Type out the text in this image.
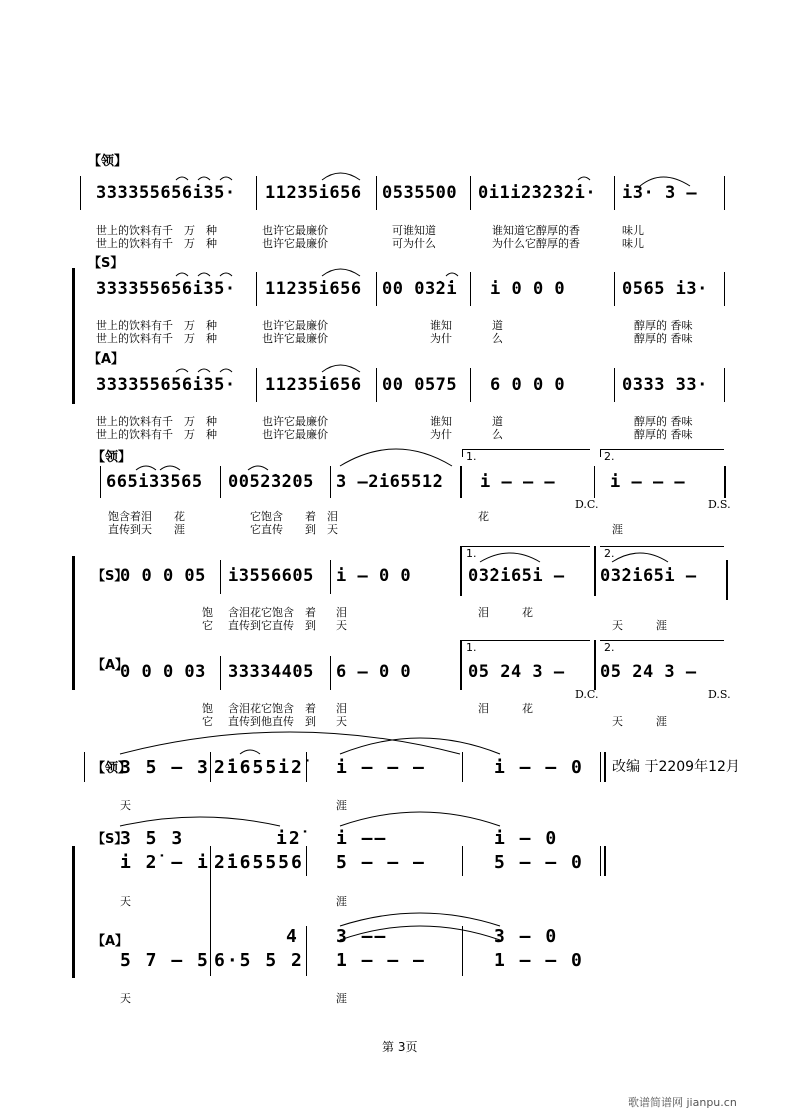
【领】
333355656i35· 11235i656 0535500 0i1i2̇3̇2̇3̇2̇i· i3· 3 —
世上的饮料有千　万　种	也许它最廉价	可谁知道	谁知道它醇厚的香	味儿
世上的饮料有千　万　种	也许它最廉价	可为什么	为什么它醇厚的香	味儿
【S】
333355656i35· 11235i656 00 03̇2̇i i 0 0 0	0565 i3·
世上的饮料有千　万　种	也许它最廉价	谁知	道	醇厚的 香味
世上的饮料有千　万　种	也许它最廉价	为什	么	醇厚的 香味
【A】
333355656i35· 11235i656 00 0575 6 0 0 0	0333 33·
世上的饮料有千　万　种	也许它最廉价	谁知	道	醇厚的 香味
世上的饮料有千　万　种	也许它最廉价	为什	么	醇厚的 香味
【领】
665i33565 0052̇3̇205 3 —2̇i6551̇2 i — — —	i — — —
1.	2.
D.C.	D.S.
饱含着泪　　花	它饱含　　着　泪	花
直传到天　　涯	它直传　　到　天	涯
【S】
0 0 0 05 i3556605 i — 0 0	03̇2̇i65i — 03̇2̇i65i —
1.	2.
饱 含泪花它饱含　着 泪	泪　　　花
它 直传到它直传　到 天	天　　　涯
1.	2.
【A】
0 0 0 03 33334405 6 — 0 0	05 24 3 — 05 24 3 —
D.C.	D.S.
饱 含泪花它饱含　着 泪	泪　　　花
它 直传到他直传　到 天	天　　　涯
【领】
3 5 — 3 2̇i655i2̇ i — — —	i — — 0 改编 于2209年12月
天	涯
【S】
3 5 3	i2̇ i ——	i — 0
i 2̇ — i 2̇i65556 5 — — —	5 — — 0
天	涯
【A】	4 3 ——	3 — 0
5 7 — 5 6·5 5 2 1 — — —	1 — — 0
天	涯
第 3页
歌谱简谱网 jianpu.cn
